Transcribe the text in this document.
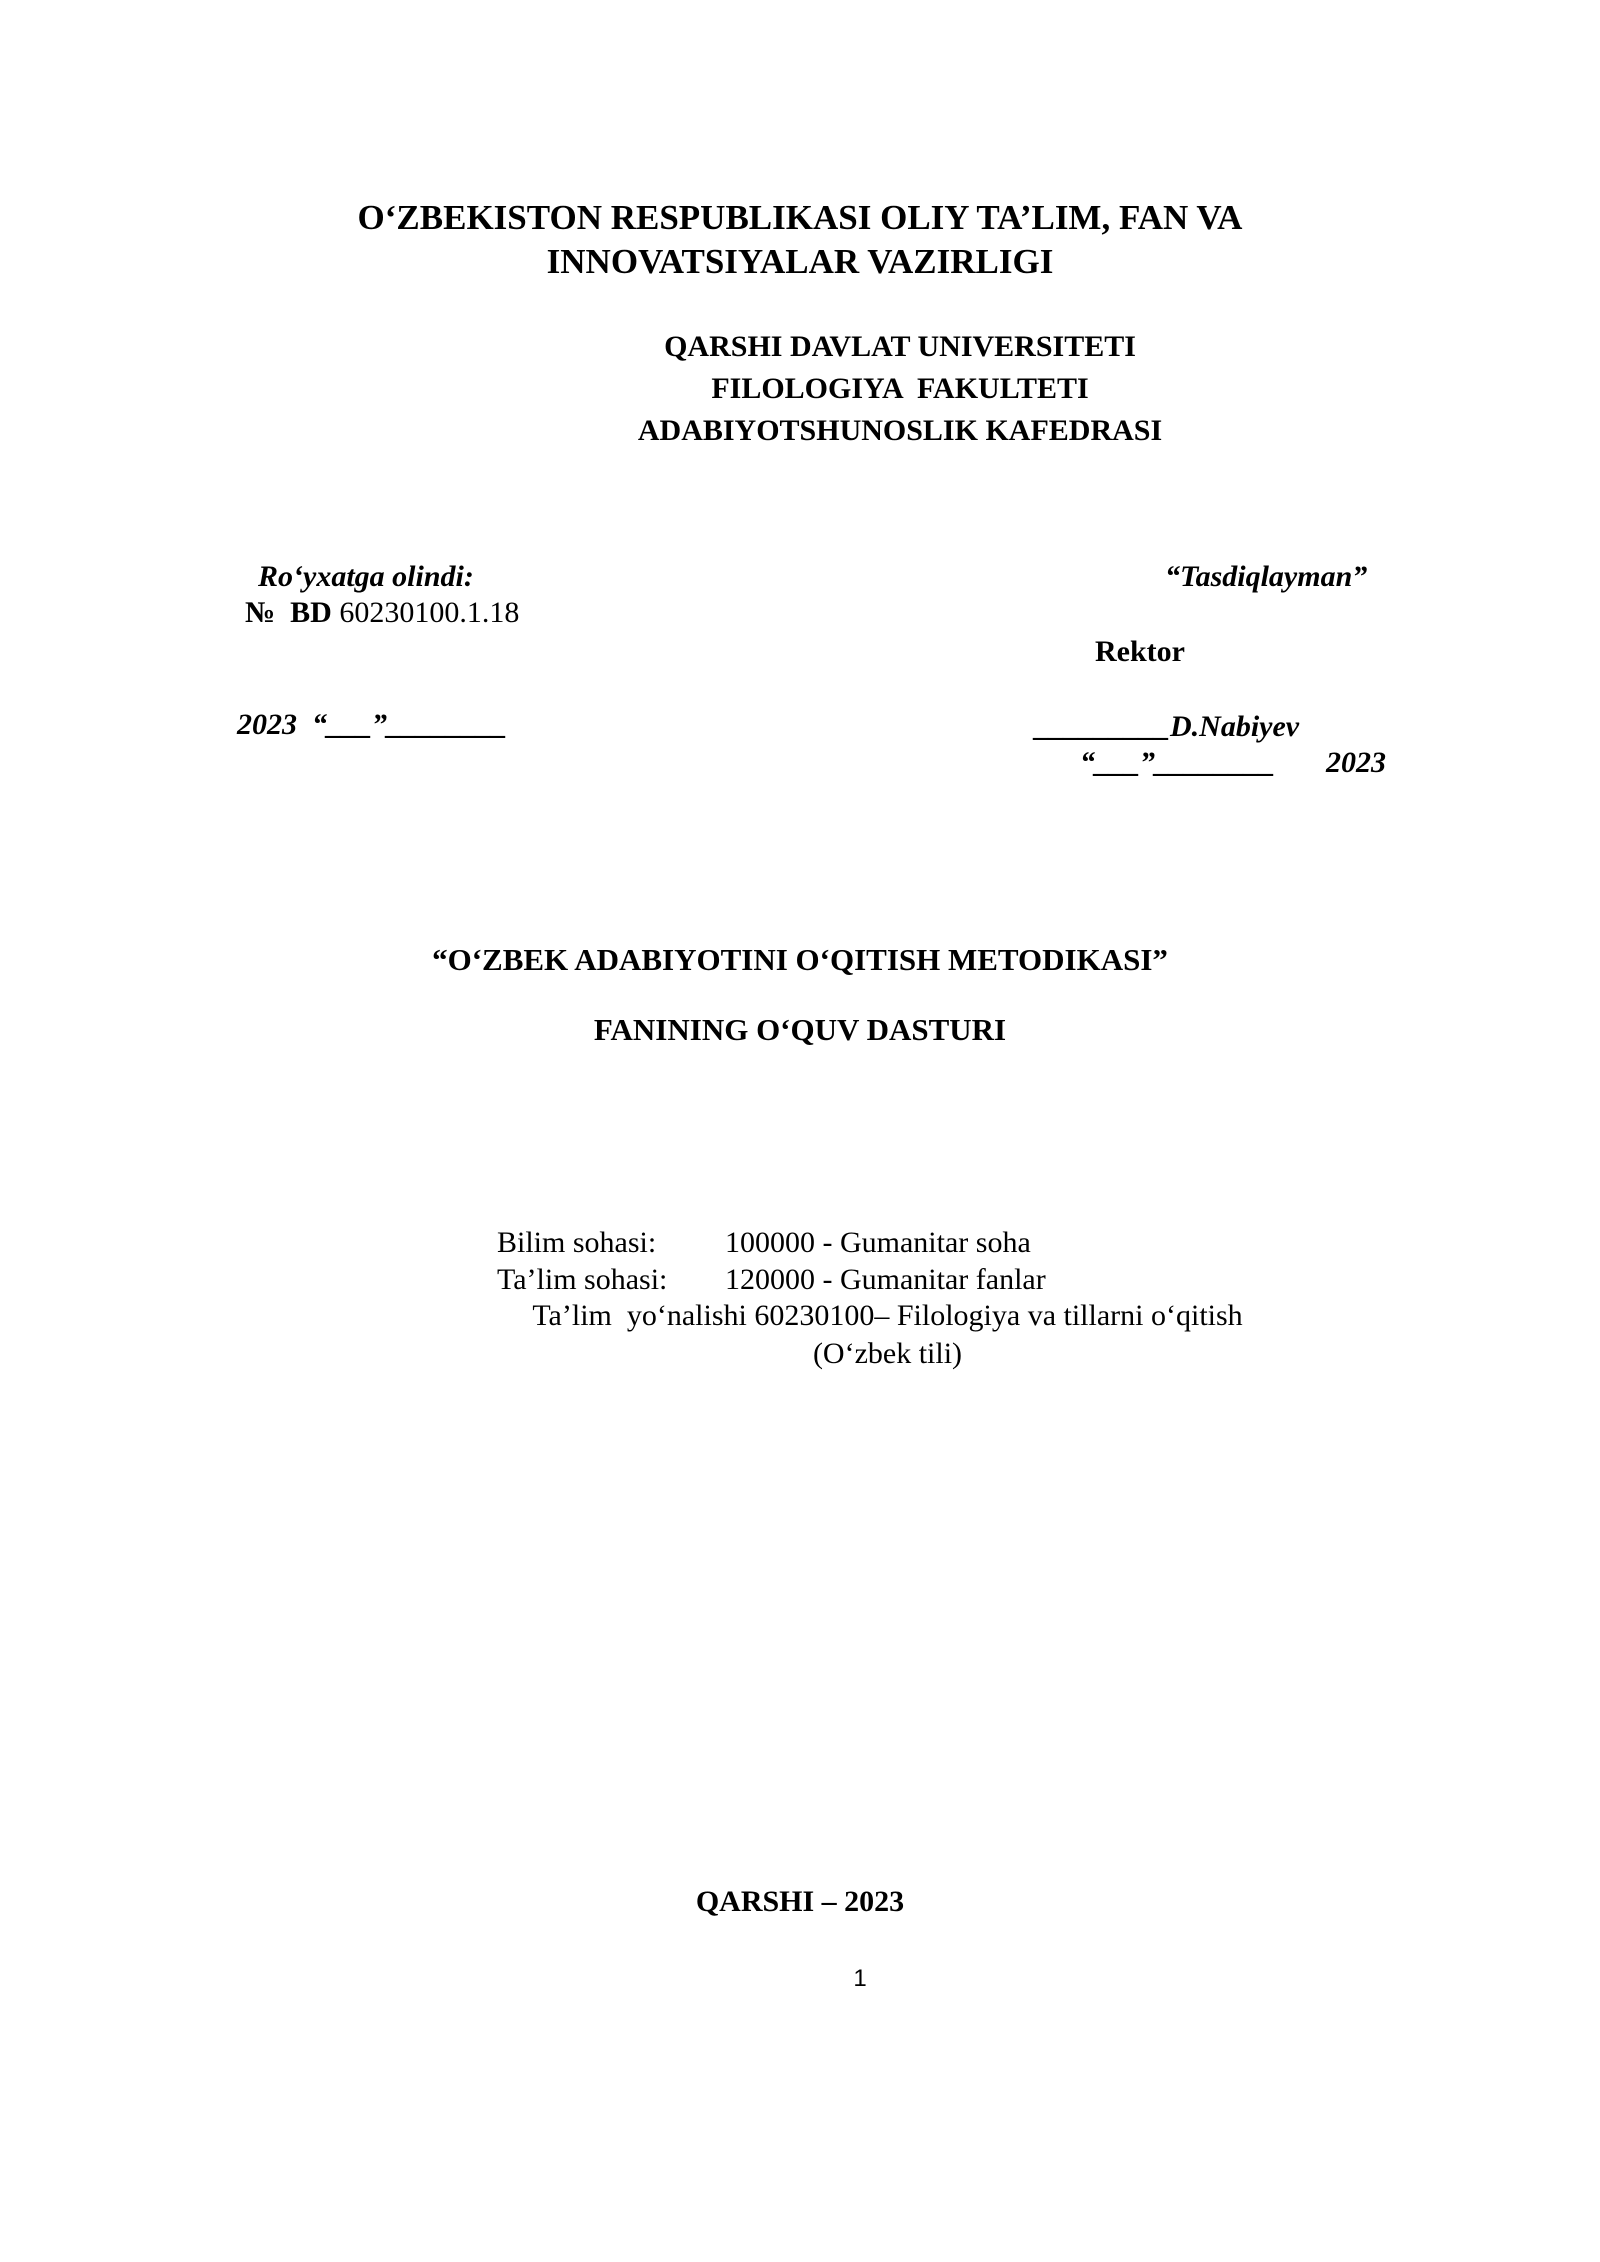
O‘ZBEKISTON RESPUBLIKASI OLIY TA’LIM, FAN VA
INNOVATSIYALAR VAZIRLIGI
QARSHI DAVLAT UNIVERSITETI
FILOLOGIYA  FAKULTETI
ADABIYOTSHUNOSLIK KAFEDRASI
Ro‘yxatga olindi:
№  BD 60230100.1.18
2023  “___”________
“Tasdiqlayman”
Rektor
_________D.Nabiyev
“___”________ 2023
“O‘ZBEK ADABIYOTINI O‘QITISH METODIKASI”
FANINING O‘QUV DASTURI
Bilim sohasi: 100000 - Gumanitar soha
Ta’lim sohasi: 120000 - Gumanitar fanlar
Ta’lim  yo‘nalishi 60230100– Filologiya va tillarni o‘qitish
(O‘zbek tili)
QARSHI – 2023
1
